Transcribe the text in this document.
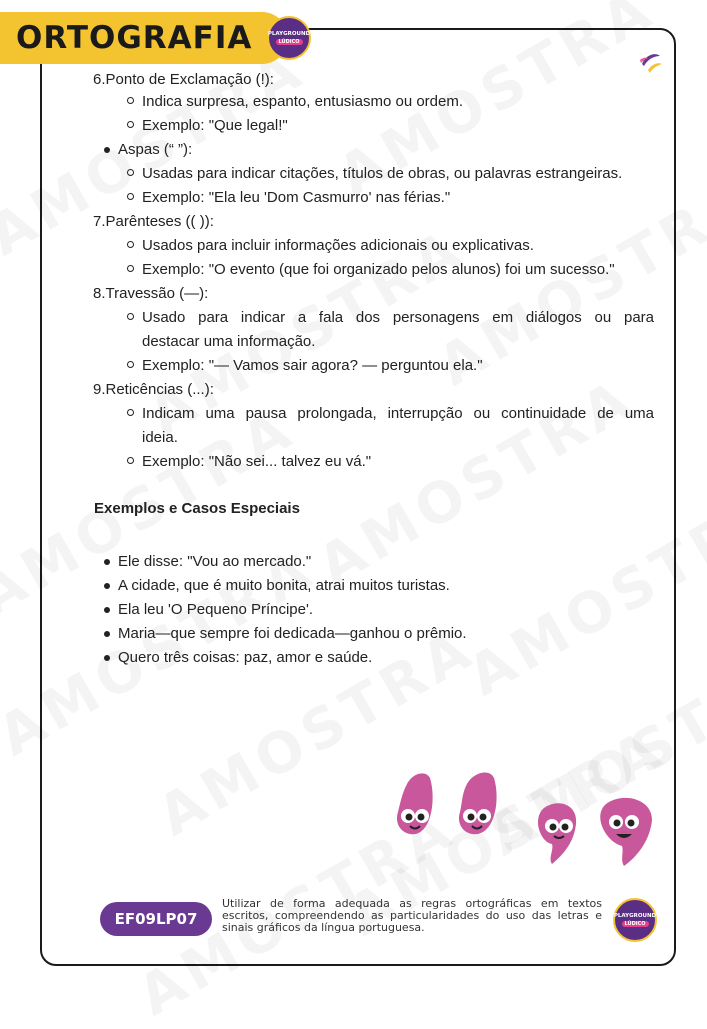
ORTOGRAFIA	PLAYGROUND
LÚDICO
6.Ponto de Exclamação (!):
Indica surpresa, espanto, entusiasmo ou ordem.
Exemplo: "Que legal!"
Aspas (“ ”):
Usadas para indicar citações, títulos de obras, ou palavras estrangeiras.
Exemplo: "Ela leu 'Dom Casmurro' nas férias."
7.Parênteses (( )):
Usados para incluir informações adicionais ou explicativas.
Exemplo: "O evento (que foi organizado pelos alunos) foi um sucesso."
8.Travessão (—):
Usado para indicar a fala dos personagens em diálogos ou para
destacar uma informação.
Exemplo: "— Vamos sair agora? — perguntou ela."
9.Reticências (...):
Indicam uma pausa prolongada, interrupção ou continuidade de uma
ideia.
Exemplo: "Não sei... talvez eu vá."
Exemplos e Casos Especiais
Ele disse: "Vou ao mercado."
A cidade, que é muito bonita, atrai muitos turistas.
Ela leu 'O Pequeno Príncipe'.
Maria—que sempre foi dedicada—ganhou o prêmio.
Quero três coisas: paz, amor e saúde.
EF09LP07
Utilizar de forma adequada as regras ortográficas em textos escritos, compreendendo as particularidades do uso das letras e sinais gráficos da língua portuguesa.
PLAYGROUND
LÚDICO
